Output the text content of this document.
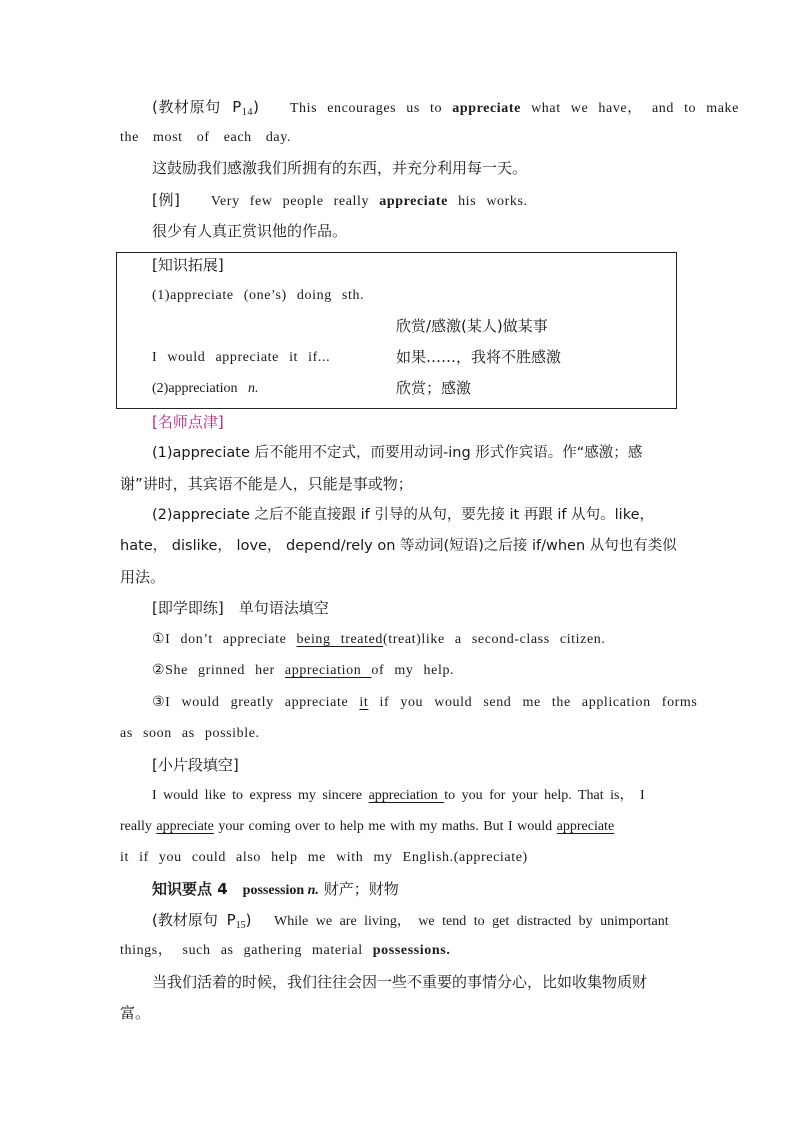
(教材原句 $P_{14}$) This encourages us to appreciate what we have， and to make
the most of each day.
这鼓励我们感激我们所拥有的东西，并充分利用每一天。
[例] Very few people really appreciate his works.
很少有人真正赏识他的作品。
[知识拓展]
(1)appreciate (one’s) doing sth.
欣赏/感激(某人)做某事
I would appreciate it if...	如果……，我将不胜感激
(2)appreciation   n.	欣赏；感激
[名师点津]
(1)appreciate 后不能用不定式，而要用动词-ing 形式作宾语。作“感激；感
谢”讲时，其宾语不能是人，只能是事或物；
(2)appreciate 之后不能直接跟 if 引导的从句，要先接 it 再跟 if 从句。like，
hate， dislike， love， depend/rely on 等动词(短语)之后接 if/when 从句也有类似
用法。
[即学即练]　单句语法填空
①I don’t appreciate being treated(treat)like a second-class citizen.
②She grinned her appreciation of my help.
③I would greatly appreciate it if you would send me the application forms
as soon as possible.
[小片段填空]
I would like to express my sincere appreciation to you for your help. That is， I
really appreciate your coming over to help me with my maths. But I would appreciate
it if you could also help me with my English.(appreciate)
知识要点 4　possession n. 财产；财物
(教材原句 $P_{15}$) While we are living， we tend to get distracted by unimportant
things， such as gathering material possessions.
当我们活着的时候，我们往往会因一些不重要的事情分心，比如收集物质财
富。
